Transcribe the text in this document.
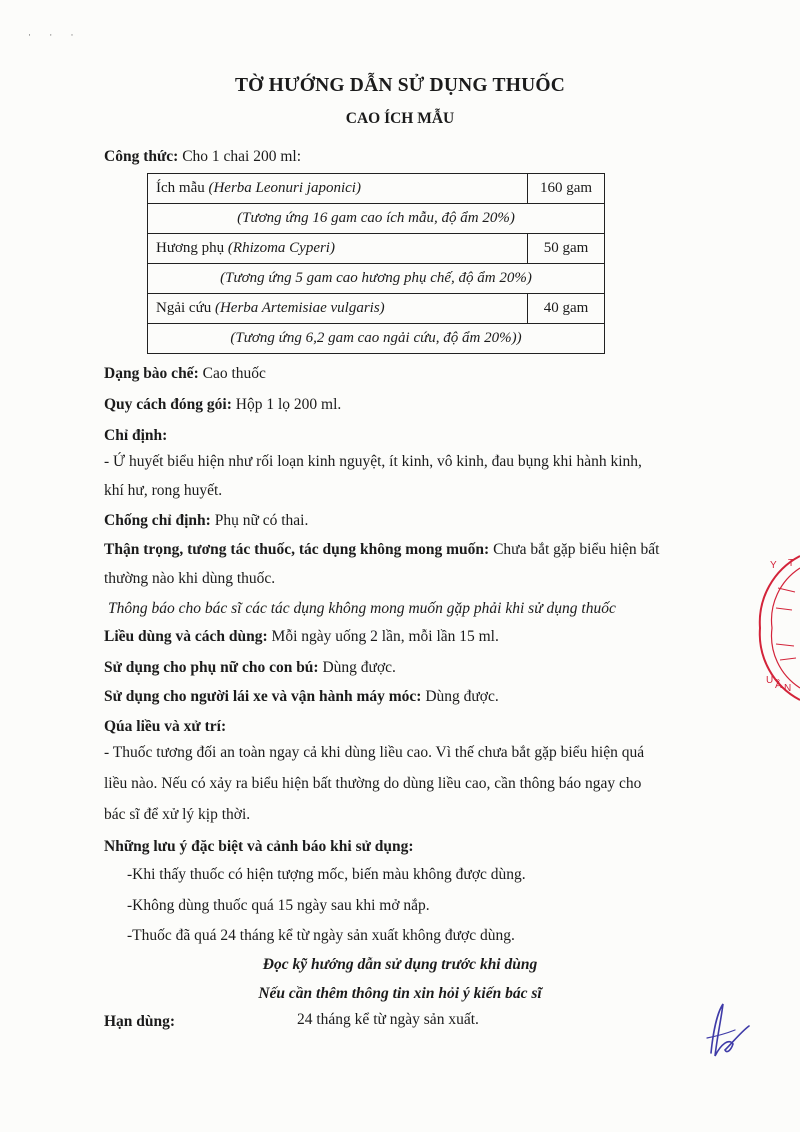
· · ·
TỜ HƯỚNG DẪN SỬ DỤNG THUỐC
CAO ÍCH MẪU
Công thức: Cho 1 chai 200 ml:
Ích mẫu (Herba Leonuri japonici)	160 gam
(Tương ứng 16 gam cao ích mẫu, độ ẩm 20%)	
Hương phụ (Rhizoma Cyperi)	50 gam
(Tương ứng 5 gam cao hương phụ chế, độ ẩm 20%)	
Ngải cứu (Herba Artemisiae vulgaris)	40 gam
(Tương ứng 6,2 gam cao ngải cứu, độ ẩm 20%))	
Dạng bào chế: Cao thuốc
Quy cách đóng gói: Hộp 1 lọ 200 ml.
Chỉ định:
- Ứ huyết biểu hiện như rối loạn kinh nguyệt, ít kinh, vô kinh, đau bụng khi hành kinh,
khí hư, rong huyết.
Chống chỉ định: Phụ nữ có thai.
Thận trọng, tương tác thuốc, tác dụng không mong muốn: Chưa bắt gặp biểu hiện bất
thường nào khi dùng thuốc.
Thông báo cho bác sĩ các tác dụng không mong muốn gặp phải khi sử dụng thuốc
Liều dùng và cách dùng: Mỗi ngày uống 2 lần, mỗi lần 15 ml.
Sử dụng cho phụ nữ cho con bú: Dùng được.
Sử dụng cho người lái xe và vận hành máy móc: Dùng được.
Qúa liều và xử trí:
- Thuốc tương đối an toàn ngay cả khi dùng liều cao. Vì thế chưa bắt gặp biểu hiện quá
liều nào. Nếu có xảy ra biểu hiện bất thường do dùng liều cao, cần thông báo ngay cho
bác sĩ để xử lý kịp thời.
Những lưu ý đặc biệt và cảnh báo khi sử dụng:
-Khi thấy thuốc có hiện tượng mốc, biến màu không được dùng.
-Không dùng thuốc quá 15 ngày sau khi mở nắp.
-Thuốc đã quá 24 tháng kể từ ngày sản xuất không được dùng.
Đọc kỹ hướng dẫn sử dụng trước khi dùng
Nếu cần thêm thông tin xin hỏi ý kiến bác sĩ
Hạn dùng:	24 tháng kể từ ngày sản xuất.
Y T
U Ầ N
